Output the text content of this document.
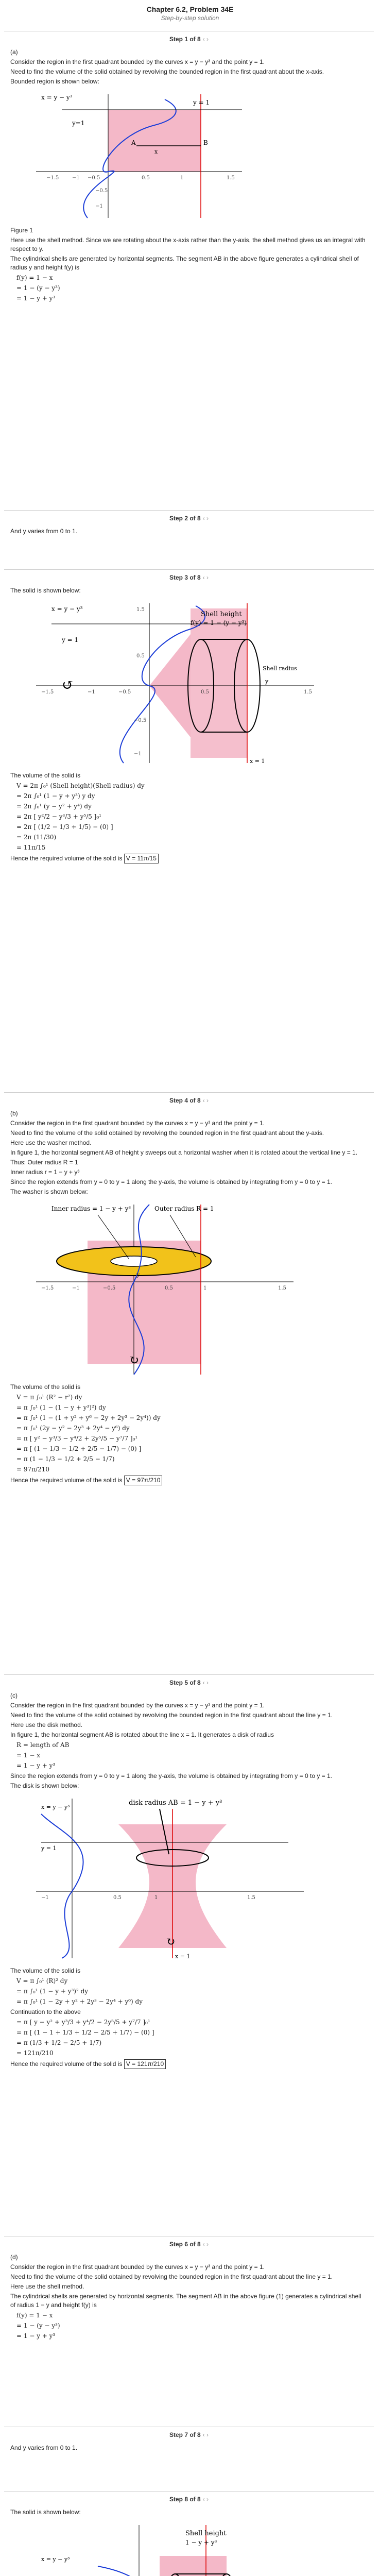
Chapter 6.2, Problem 34E
Step-by-step solution
Step 1 of 8 ‹ ›

(a)

Consider the region in the first quadrant bounded by the curves x = y − y³ and the point y = 1.

Need to find the volume of the solid obtained by revolving the bounded region in the first quadrant about the x-axis.

Bounded region is shown below:

x = y − y³
y = 1
y=1
A	B
x
−1.5	−1 −0.5	0.5	1	1.5
−0.5
−1

Figure 1

Here use the shell method. Since we are rotating about the x-axis rather than the y-axis, the shell method gives us an integral with respect to y.

The cylindrical shells are generated by horizontal segments. The segment AB in the above figure generates a cylindrical shell of radius y and height f(y) is

f(y) = 1 − x
= 1 − (y − y³)
= 1 − y + y³
Step 2 of 8 ‹ ›

And y varies from 0 to 1.

Step 3 of 8 ‹ ›

The solid is shown below:

x = y − y³
Shell height
f(y) = 1 − (y − y³)
Shell radius
y
y = 1
x = 1
↺
−1.5	−1	−0.5	0.5	1.5
1.5
0.5
−0.5
−1

The volume of the solid is

V = 2π ∫₀¹ (Shell height)(Shell radius) dy
= 2π ∫₀¹ (1 − y + y³) y dy
= 2π ∫₀¹ (y − y² + y⁴) dy
= 2π [ y²/2 − y³/3 + y⁵/5 ]₀¹
= 2π [ (1/2 − 1/3 + 1/5) − (0) ]
= 2π (11/30)
= 11π/15

Hence the required volume of the solid is V = 11π/15

Step 4 of 8 ‹ ›

(b)

Consider the region in the first quadrant bounded by the curves x = y − y³ and the point y = 1.

Need to find the volume of the solid obtained by revolving the bounded region in the first quadrant about the y-axis.

Here use the washer method.

In figure 1, the horizontal segment AB of height y sweeps out a horizontal washer when it is rotated about the vertical line y = 1.

Thus: Outer radius R = 1

Inner radius r = 1 − y + y³

Since the region extends from y = 0 to y = 1 along the y-axis, the volume is obtained by integrating from y = 0 to y = 1.

The washer is shown below:

Inner radius = 1 − y + y³	Outer radius R = 1
y
↻
−1.5	−1	−0.5	0.5	1	1.5

The volume of the solid is

V = π ∫₀¹ (R² − r²) dy
= π ∫₀¹ (1 − (1 − y + y³)²) dy
= π ∫₀¹ (1 − (1 + y² + y⁶ − 2y + 2y³ − 2y⁴)) dy
= π ∫₀¹ (2y − y² − 2y³ + 2y⁴ − y⁶) dy
= π [ y² − y³/3 − y⁴/2 + 2y⁵/5 − y⁷/7 ]₀¹
= π [ (1 − 1/3 − 1/2 + 2/5 − 1/7) − (0) ]
= π (1 − 1/3 − 1/2 + 2/5 − 1/7)
= 97π/210

Hence the required volume of the solid is V = 97π/210

Step 5 of 8 ‹ ›

(c)

Consider the region in the first quadrant bounded by the curves x = y − y³ and the point y = 1.

Need to find the volume of the solid obtained by revolving the bounded region in the first quadrant about the line y = 1.

Here use the disk method.

In figure 1, the horizontal segment AB is rotated about the line x = 1. It generates a disk of radius

R = length of AB
= 1 − x
= 1 − y + y³

Since the region extends from y = 0 to y = 1 along the y-axis, the volume is obtained by integrating from y = 0 to y = 1.

The disk is shown below:

disk radius AB = 1 − y + y³
x = y − y³
y = 1
x = 1
↻
−1	0.5	1	1.5

The volume of the solid is

V = π ∫₀¹ (R)² dy
= π ∫₀¹ (1 − y + y³)² dy
= π ∫₀¹ (1 − 2y + y² + 2y³ − 2y⁴ + y⁶) dy

Continuation to the above

= π [ y − y² + y³/3 + y⁴/2 − 2y⁵/5 + y⁷/7 ]₀¹
= π [ (1 − 1 + 1/3 + 1/2 − 2/5 + 1/7) − (0) ]
= π (1/3 + 1/2 − 2/5 + 1/7)
= 121π/210

Hence the required volume of the solid is V = 121π/210

Step 6 of 8 ‹ ›

(d)

Consider the region in the first quadrant bounded by the curves x = y − y³ and the point y = 1.

Need to find the volume of the solid obtained by revolving the bounded region in the first quadrant about the line y = 1.

Here use the shell method.

The cylindrical shells are generated by horizontal segments. The segment AB in the above figure (1) generates a cylindrical shell of radius 1 − y and height f(y) is

f(y) = 1 − x
= 1 − (y − y³)
= 1 − y + y³
Step 7 of 8 ‹ ›

And y varies from 0 to 1.

Step 8 of 8 ‹ ›

The solid is shown below:

Shell height
1 − y + y³
x = y − y³
